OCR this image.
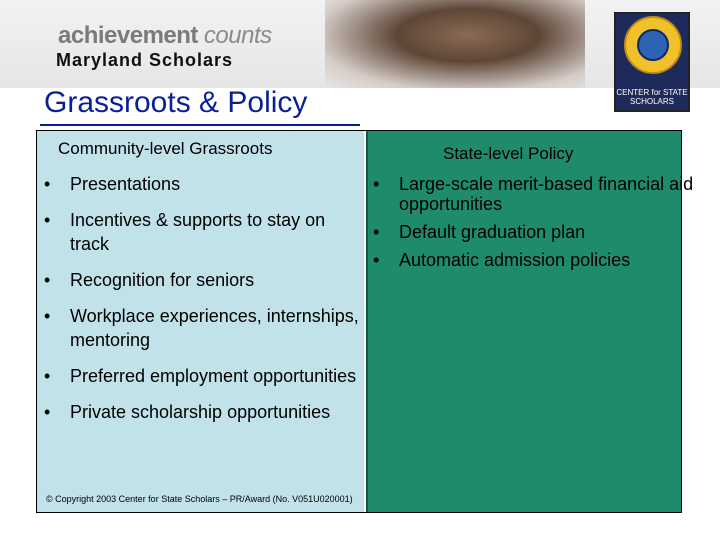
achievement counts
Maryland Scholars
CENTER for STATE SCHOLARS
Grassroots & Policy
Community-level Grassroots	State-level Policy
• Presentations
• Incentives & supports to stay on track
• Recognition for seniors
• Workplace experiences, internships, mentoring
• Preferred employment opportunities
• Private scholarship opportunities
• Large-scale merit-based financial aid opportunities
• Default graduation plan
• Automatic admission policies
© Copyright 2003 Center for State Scholars – PR/Award (No. V051U020001)
